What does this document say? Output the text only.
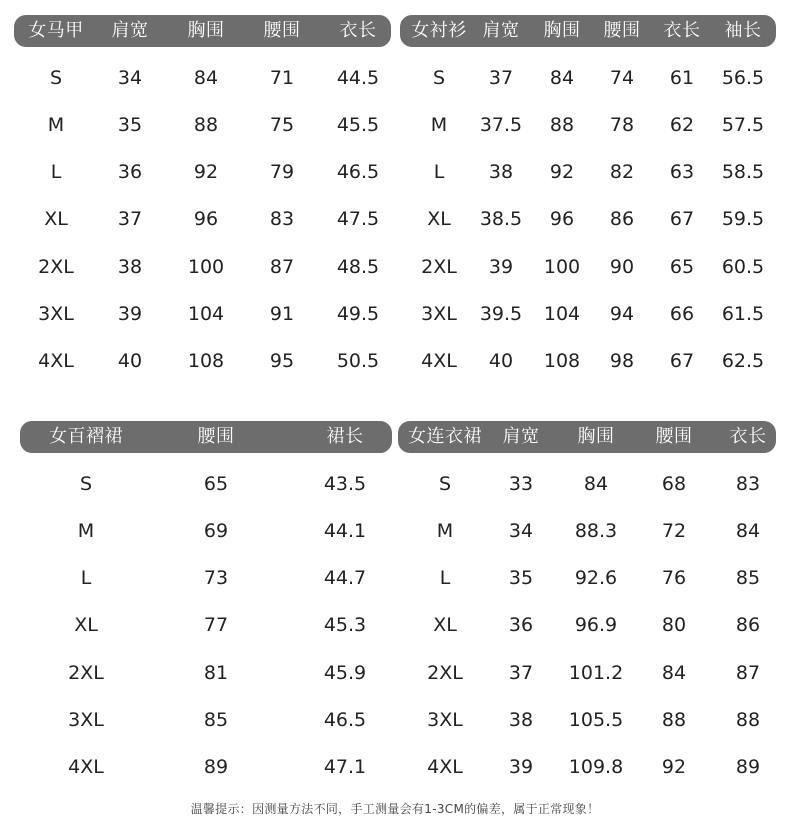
女马甲 肩宽 胸围 腰围 衣长
S	34	84	71 44.5
M	35	88	75 45.5
L	36	92	79 46.5
XL	37	96	83 47.5
2XL 38 100 87 48.5
3XL 39 104 91 49.5
4XL 40 108 95 50.5
女衬衫 肩宽 胸围 腰围 衣长 袖长
S 37 84 74 61 56.5
M 37.5 88 78 62 57.5
L 38 92 82 63 58.5
XL 38.5 96 86 67 59.5
2XL 39 100 90 65 60.5
3XL 39.5 104 94 66 61.5
4XL 40 108 98 67 62.5
女百褶裙	腰围	裙长
S	65	43.5
M	69	44.1
L	73	44.7
XL	77	45.3
2XL	81	45.9
3XL	85	46.5
4XL	89	47.1
女连衣裙 肩宽 胸围 腰围 衣长
S	33	84	68	83
M	34 88.3 72	84
L	35 92.6 76	85
XL	36 96.9 80	86
2XL 37 101.2 84	87
3XL 38 105.5 88	88
4XL 39 109.8 92	89
温馨提示：因测量方法不同，手工测量会有1-3CM的偏差，属于正常现象！
